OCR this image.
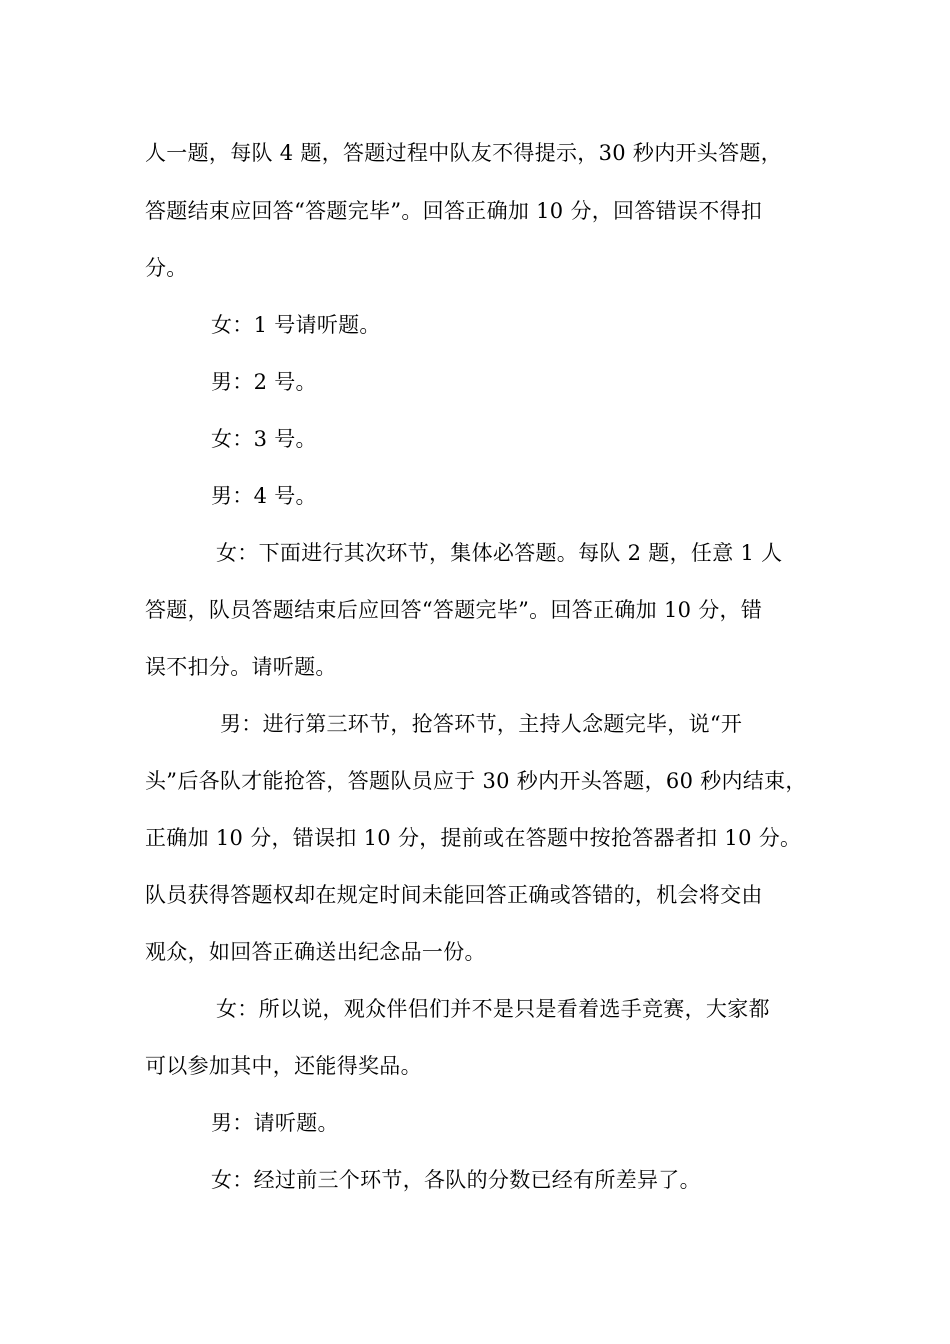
人一题，每队 4 题，答题过程中队友不得提示，30 秒内开头答题，
答题结束应回答“答题完毕”。回答正确加 10 分，回答错误不得扣
分。
女：1 号请听题。
男：2 号。
女：3 号。
男：4 号。
女：下面进行其次环节，集体必答题。每队 2 题，任意 1 人
答题，队员答题结束后应回答“答题完毕”。回答正确加 10 分，错
误不扣分。请听题。
男：进行第三环节，抢答环节，主持人念题完毕，说“开
头”后各队才能抢答，答题队员应于 30 秒内开头答题，60 秒内结束，
正确加 10 分，错误扣 10 分，提前或在答题中按抢答器者扣 10 分。
队员获得答题权却在规定时间未能回答正确或答错的，机会将交由
观众，如回答正确送出纪念品一份。
女：所以说，观众伴侣们并不是只是看着选手竞赛，大家都
可以参加其中，还能得奖品。
男：请听题。
女：经过前三个环节，各队的分数已经有所差异了。
